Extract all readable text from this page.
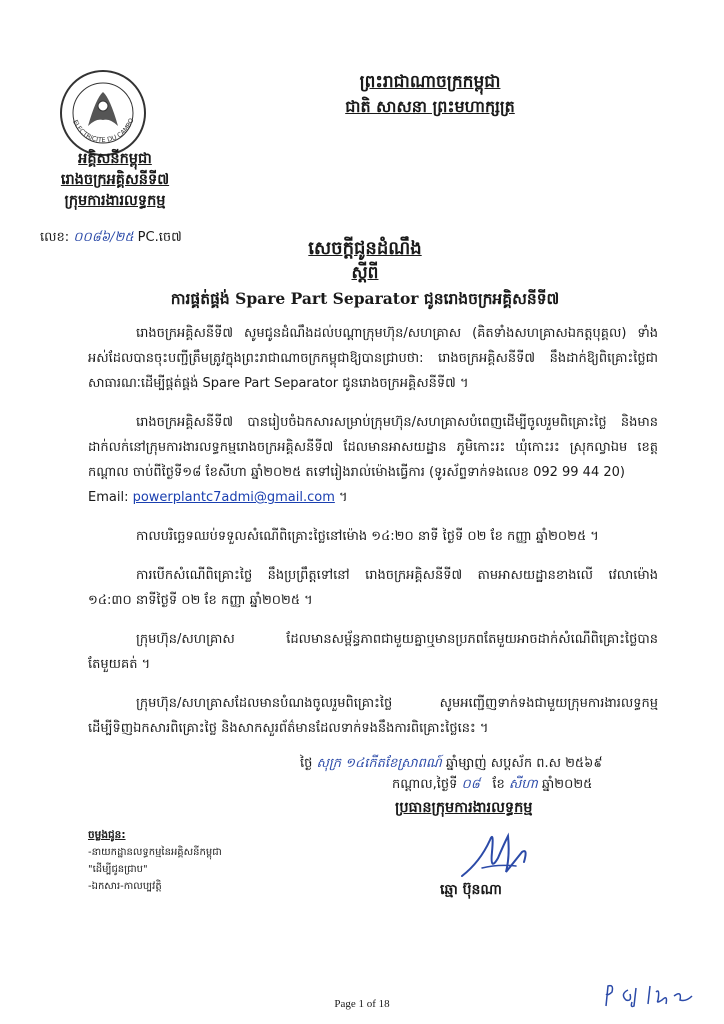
ព្រះរាជាណាចក្រកម្ពុជា
ជាតិ សាសនា ព្រះមហាក្សត្រ
ELECTRICITE DU CAMBO
អគ្គិសនីកម្ពុជា
រោងចក្រអគ្គិសនីទី៧
ក្រុមការងារលទ្ធកម្ម
លេខ: ០០៨៦/២៥ PC.ចេ៧
សេចក្តីជូនដំណឹង
ស្តីពី
ការផ្គត់ផ្គង់ Spare Part Separator ជូនរោងចក្រអគ្គិសនីទី៧

រោងចក្រអគ្គិសនីទី៧ សូមជូនដំណឹងដល់បណ្តាក្រុមហ៊ុន/សហគ្រាស (គិតទាំងសហគ្រាសឯកត្តបុគ្គល) ទាំងអស់ដែលបានចុះបញ្ជីត្រឹមត្រូវក្នុងព្រះរាជាណាចក្រកម្ពុជាឱ្យបានជ្រាបថា: រោងចក្រអគ្គិសនីទី៧ នឹងដាក់ឱ្យពិគ្រោះថ្លៃជាសាធារណៈដើម្បីផ្គត់ផ្គង់ Spare Part Separator ជូនរោងចក្រអគ្គិសនីទី៧ ។

រោងចក្រអគ្គិសនីទី៧ បានរៀបចំឯកសារសម្រាប់ក្រុមហ៊ុន/សហគ្រាសបំពេញដើម្បីចូលរួមពិគ្រោះថ្លៃ និងមានដាក់លក់នៅក្រុមការងារលទ្ធកម្មរោងចក្រអគ្គិសនីទី៧ ដែលមានអាសយដ្ឋាន ភូមិកោះរះ ឃុំកោះរះ ស្រុកល្វាឯម ខេត្តកណ្តាល ចាប់ពីថ្ងៃទី១៨ ខែសីហា ឆ្នាំ២០២៥ តទៅរៀងរាល់ម៉ោងធ្វើការ (ទូរស័ព្ទទាក់ទងលេខ 092 99 44 20)

Email: powerplantc7admi@gmail.com ។

កាលបរិច្ឆេទឈប់ទទួលសំណើពិគ្រោះថ្លៃនៅម៉ោង ១៤:២០ នាទី ថ្ងៃទី ០២ ខែ កញ្ញា ឆ្នាំ២០២៥ ។

ការបើកសំណើពិគ្រោះថ្លៃ នឹងប្រព្រឹត្តទៅនៅ រោងចក្រអគ្គិសនីទី៧ តាមអាសយដ្ឋានខាងលើ វេលាម៉ោង ១៤:៣០ នាទីថ្ងៃទី ០២ ខែ កញ្ញា ឆ្នាំ២០២៥ ។

ក្រុមហ៊ុន/សហគ្រាស ដែលមានសម្ព័ន្ធភាពជាមួយគ្នាឬមានប្រភពតែមួយអាចដាក់សំណើពិគ្រោះថ្លៃបានតែមួយគត់ ។

ក្រុមហ៊ុន/សហគ្រាសដែលមានបំណងចូលរួមពិគ្រោះថ្លៃ សូមអញ្ជើញទាក់ទងជាមួយក្រុមការងារលទ្ធកម្មដើម្បីទិញឯកសារពិគ្រោះថ្លៃ និងសាកសួរព័ត៌មានដែលទាក់ទងនឹងការពិគ្រោះថ្លៃនេះ ។

ថ្ងៃ សុក្រ ១៤កើតខែស្រាពណ៍ ឆ្នាំម្សាញ់ សប្តស័ក ព.ស ២៥៦៩
កណ្តាល,ថ្ងៃទី ០៨ ខែ សីហា ឆ្នាំ២០២៥
ប្រធានក្រុមការងារលទ្ធកម្ម
ឆ្មោ ប៊ុនណា
ចម្លងជូន:
-នាយកដ្ឋានលទ្ធកម្មនៃអគ្គិសនីកម្ពុជា
"ដើម្បីជូនជ្រាប"
-ឯកសារ-កាលប្បវត្តិ
Page 1 of 18
